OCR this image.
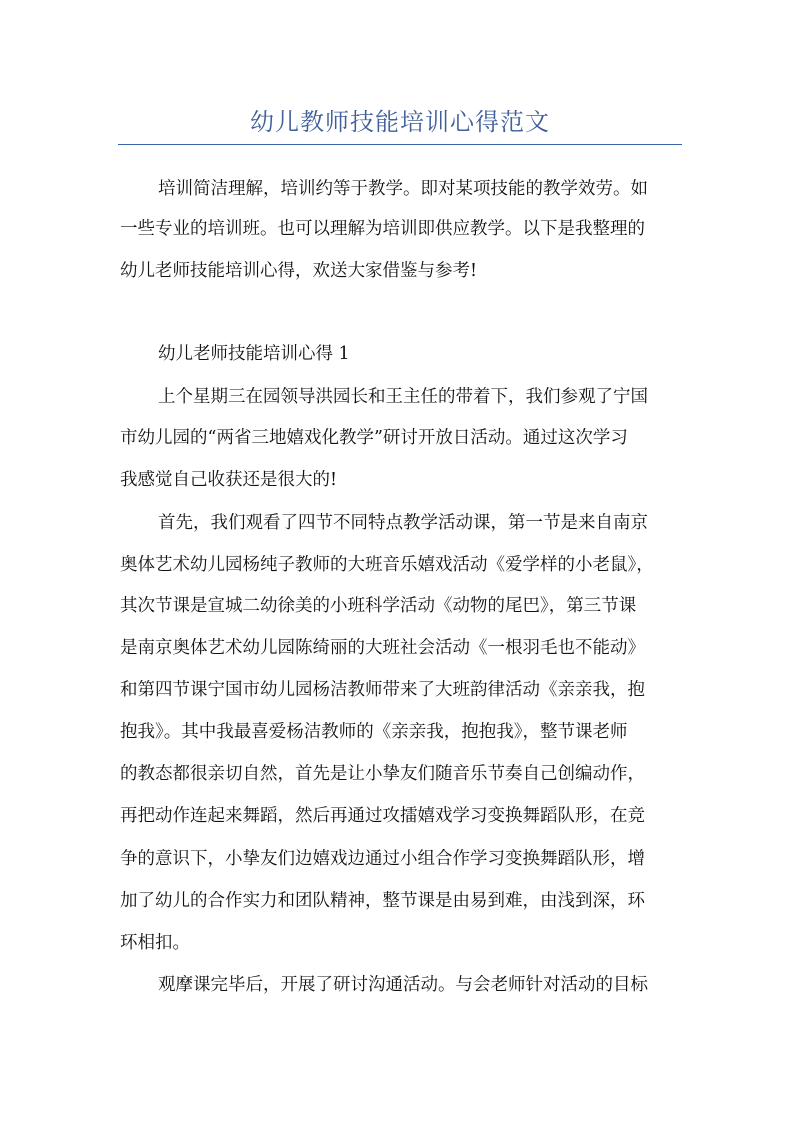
幼儿教师技能培训心得范文

培训简洁理解，培训约等于教学。即对某项技能的教学效劳。如

一些专业的培训班。也可以理解为培训即供应教学。以下是我整理的

幼儿老师技能培训心得，欢送大家借鉴与参考!

幼儿老师技能培训心得 1

上个星期三在园领导洪园长和王主任的带着下，我们参观了宁国

市幼儿园的“两省三地嬉戏化教学”研讨开放日活动。通过这次学习

我感觉自己收获还是很大的!

首先，我们观看了四节不同特点教学活动课，第一节是来自南京

奥体艺术幼儿园杨纯子教师的大班音乐嬉戏活动《爱学样的小老鼠》，

其次节课是宣城二幼徐美的小班科学活动《动物的尾巴》，第三节课

是南京奥体艺术幼儿园陈绮丽的大班社会活动《一根羽毛也不能动》

和第四节课宁国市幼儿园杨洁教师带来了大班韵律活动《亲亲我，抱

抱我》。其中我最喜爱杨洁教师的《亲亲我，抱抱我》，整节课老师

的教态都很亲切自然，首先是让小挚友们随音乐节奏自己创编动作，

再把动作连起来舞蹈，然后再通过攻擂嬉戏学习变换舞蹈队形，在竞

争的意识下，小挚友们边嬉戏边通过小组合作学习变换舞蹈队形，增

加了幼儿的合作实力和团队精神，整节课是由易到难，由浅到深，环

环相扣。

观摩课完毕后，开展了研讨沟通活动。与会老师针对活动的目标
